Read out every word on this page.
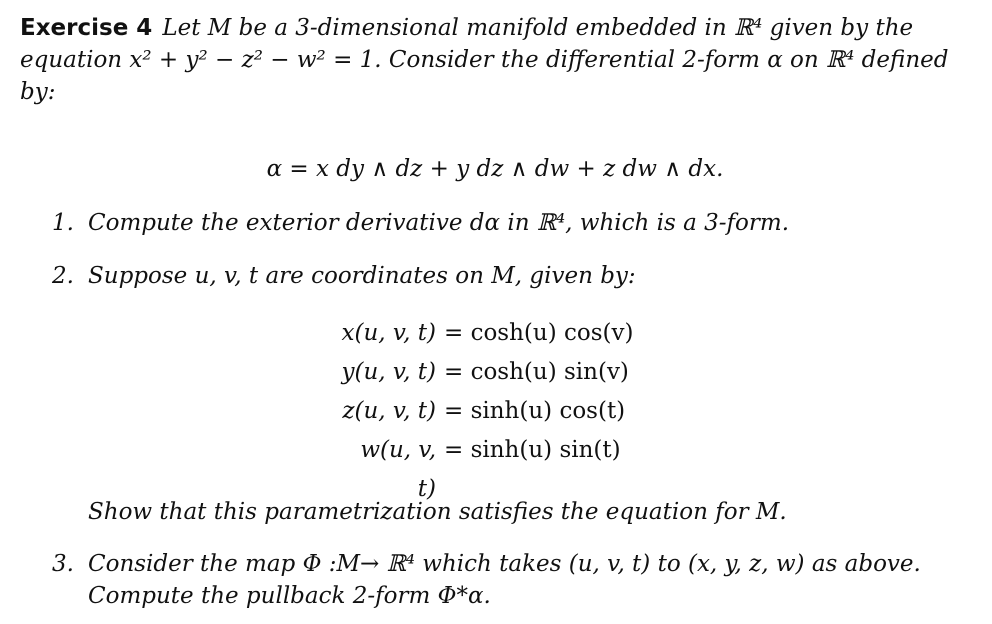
Exercise 4 Let M be a 3-dimensional manifold embedded in ℝ⁴ given by the equation x² + y² − z² − w² = 1. Consider the differential 2-form α on ℝ⁴ defined by:

α = x dy ∧ dz + y dz ∧ dw + z dw ∧ dx.

1. Compute the exterior derivative dα in ℝ⁴, which is a 3-form.
2. Suppose u, v, t are coordinates on M, given by:
x(u, v, t) = cosh(u) cos(v)
y(u, v, t) = cosh(u) sin(v)
z(u, v, t) = sinh(u) cos(t)
w(u, v, t)
= sinh(u) sin(t)
Show that this parametrization satisfies the equation for M.
3. Consider the map Φ :M→ ℝ⁴ which takes (u, v, t) to (x, y, z, w) as above. Compute the pullback 2-form Φ*α.
